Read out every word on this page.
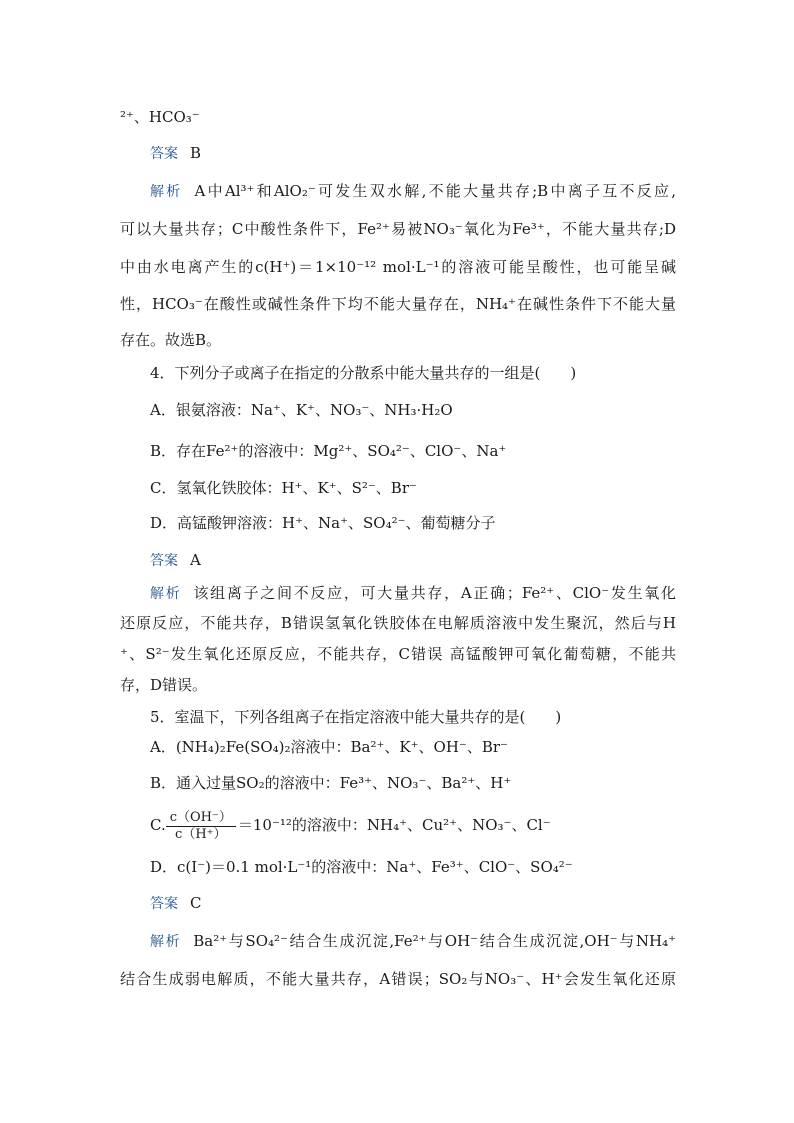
²⁺、HCO₃⁻
答案 B
解析 A中Al³⁺和AlO₂⁻可发生双水解,不能大量共存;B中离子互不反应,
可以大量共存；C中酸性条件下，Fe²⁺易被NO₃⁻氧化为Fe³⁺，不能大量共存;D
中由水电离产生的c(H⁺)＝1×10⁻¹² mol·L⁻¹的溶液可能呈酸性，也可能呈碱
性，HCO₃⁻在酸性或碱性条件下均不能大量存在，NH₄⁺在碱性条件下不能大量
存在。故选B。
4．下列分子或离子在指定的分散系中能大量共存的一组是(　　)
A．银氨溶液：Na⁺、K⁺、NO₃⁻、NH₃·H₂O
B．存在Fe²⁺的溶液中：Mg²⁺、SO₄²⁻、ClO⁻、Na⁺
C．氢氧化铁胶体：H⁺、K⁺、S²⁻、Br⁻
D．高锰酸钾溶液：H⁺、Na⁺、SO₄²⁻、葡萄糖分子
答案 A
解析 该组离子之间不反应，可大量共存，A正确；Fe²⁺、ClO⁻发生氧化
还原反应，不能共存，B错误氢氧化铁胶体在电解质溶液中发生聚沉，然后与H
⁺、S²⁻发生氧化还原反应，不能共存，C错误 高锰酸钾可氧化葡萄糖，不能共
存，D错误。
5．室温下，下列各组离子在指定溶液中能大量共存的是(　　)
A．(NH₄)₂Fe(SO₄)₂溶液中：Ba²⁺、K⁺、OH⁻、Br⁻
B．通入过量SO₂的溶液中：Fe³⁺、NO₃⁻、Ba²⁺、H⁺
C. $\frac{c(OH^-)}{c(H^+)} =10^{-12}$的溶液中：NH₄⁺、Cu²⁺、NO₃⁻、Cl⁻
D．c(I⁻)＝0.1 mol·L⁻¹的溶液中：Na⁺、Fe³⁺、ClO⁻、SO₄²⁻
答案 C
解析 Ba²⁺与SO₄²⁻结合生成沉淀,Fe²⁺与OH⁻结合生成沉淀,OH⁻与NH₄⁺
结合生成弱电解质，不能大量共存，A错误；SO₂与NO₃⁻、H⁺会发生氧化还原
